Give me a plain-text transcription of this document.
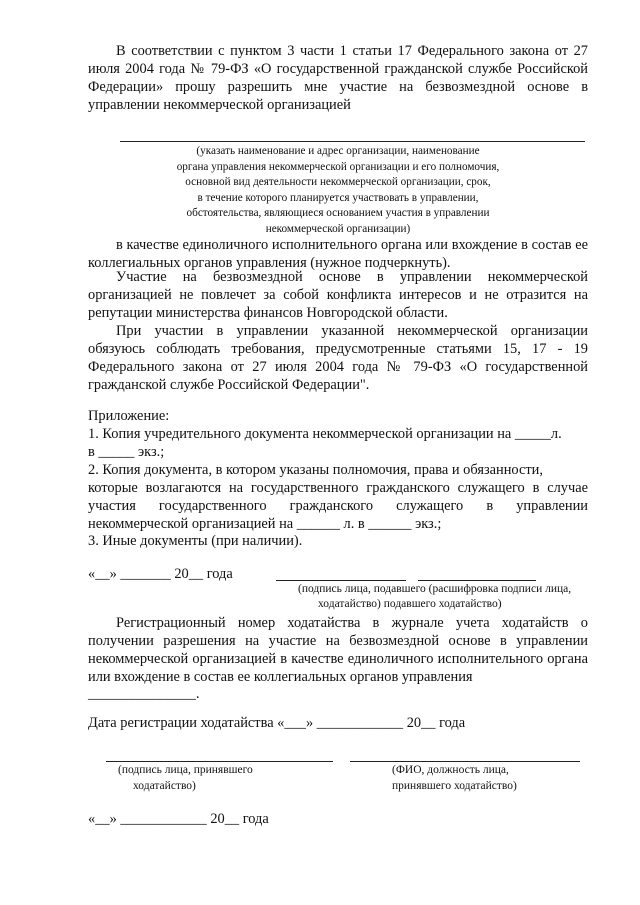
В соответствии с пунктом 3 части 1 статьи 17 Федерального закона от 27 июля 2004 года № 79-ФЗ «О государственной гражданской службе Российской Федерации» прошу разрешить мне участие на безвозмездной основе в управлении некоммерческой организацией

(указать наименование и адрес организации, наименование

органа управления некоммерческой организации и его полномочия,

основной вид деятельности некоммерческой организации, срок,

в течение которого планируется участвовать в управлении,

обстоятельства, являющиеся основанием участия в управлении

некоммерческой организации)

в качестве единоличного исполнительного органа или вхождение в состав ее коллегиальных органов управления (нужное подчеркнуть).

Участие на безвозмездной основе в управлении некоммерческой организацией не повлечет за собой конфликта интересов и не отразится на репутации министерства финансов Новгородской области.

При участии в управлении указанной некоммерческой организации обязуюсь соблюдать требования, предусмотренные статьями 15, 17 - 19 Федерального закона от 27 июля 2004 года № 79-ФЗ «О государственной гражданской службе Российской Федерации".

Приложение:

1. Копия учредительного документа некоммерческой организации на _____л.

в _____ экз.;

2. Копия документа, в котором указаны полномочия, права и обязанности,

которые возлагаются на государственного гражданского служащего в случае участия государственного гражданского служащего в управлении некоммерческой организацией на ______ л. в ______ экз.;

3. Иные документы (при наличии).

«__» _______ 20__ года

(подпись лица, подавшего (расшифровка подписи лица,

ходатайство) подавшего ходатайство)

Регистрационный номер ходатайства в журнале учета ходатайств о получении разрешения на участие на безвозмездной основе в управлении некоммерческой организацией в качестве единоличного исполнительного органа или вхождение в состав ее коллегиальных органов управления

_______________.

Дата регистрации ходатайства «___» ____________ 20__ года

(подпись лица, принявшего

ходатайство)

(ФИО, должность лица,

принявшего ходатайство)

«__» ____________ 20__ года
